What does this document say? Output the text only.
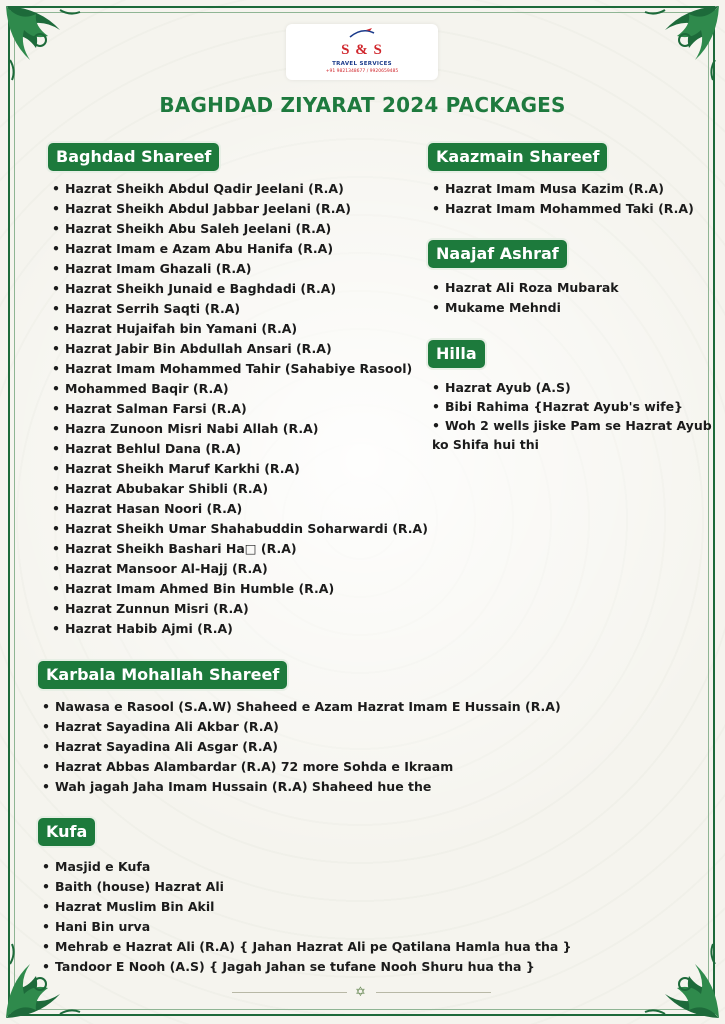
S & S
TRAVEL SERVICES
+91 9821348677 / 9920659485
BAGHDAD ZIYARAT 2024 PACKAGES
Baghdad Shareef
• Hazrat Sheikh Abdul Qadir Jeelani (R.A)
• Hazrat Sheikh Abdul Jabbar Jeelani (R.A)
• Hazrat Sheikh Abu Saleh Jeelani (R.A)
• Hazrat Imam e Azam Abu Hanifa (R.A)
• Hazrat Imam Ghazali (R.A)
• Hazrat Sheikh Junaid e Baghdadi (R.A)
• Hazrat Serrih Saqti (R.A)
• Hazrat Hujaifah bin Yamani (R.A)
• Hazrat Jabir Bin Abdullah Ansari (R.A)
• Hazrat Imam Mohammed Tahir (Sahabiye Rasool)
• Mohammed Baqir (R.A)
• Hazrat Salman Farsi (R.A)
• Hazra Zunoon Misri Nabi Allah (R.A)
• Hazrat Behlul Dana (R.A)
• Hazrat Sheikh Maruf Karkhi (R.A)
• Hazrat Abubakar Shibli (R.A)
• Hazrat Hasan Noori (R.A)
• Hazrat Sheikh Umar Shahabuddin Soharwardi (R.A)
• Hazrat Sheikh Bashari Ha□ (R.A)
• Hazrat Mansoor Al-Hajj (R.A)
• Hazrat Imam Ahmed Bin Humble (R.A)
• Hazrat Zunnun Misri (R.A)
• Hazrat Habib Ajmi (R.A)
Kaazmain Shareef
• Hazrat Imam Musa Kazim (R.A)
• Hazrat Imam Mohammed Taki (R.A)
Naajaf Ashraf
• Hazrat Ali Roza Mubarak
• Mukame Mehndi
Hilla
• Hazrat Ayub (A.S)
• Bibi Rahima {Hazrat Ayub's wife}
• Woh 2 wells jiske Pam se Hazrat Ayub ko Shifa hui thi
Karbala Mohallah Shareef
• Nawasa e Rasool (S.A.W) Shaheed e Azam Hazrat Imam E Hussain (R.A)
• Hazrat Sayadina Ali Akbar (R.A)
• Hazrat Sayadina Ali Asgar (R.A)
• Hazrat Abbas Alambardar (R.A) 72 more Sohda e Ikraam
• Wah jagah Jaha Imam Hussain (R.A) Shaheed hue the
Kufa
• Masjid e Kufa
• Baith (house) Hazrat Ali
• Hazrat Muslim Bin Akil
• Hani Bin urva
• Mehrab e Hazrat Ali (R.A) { Jahan Hazrat Ali pe Qatilana Hamla hua tha }
• Tandoor E Nooh (A.S) { Jagah Jahan se tufane Nooh Shuru hua tha }
✡
